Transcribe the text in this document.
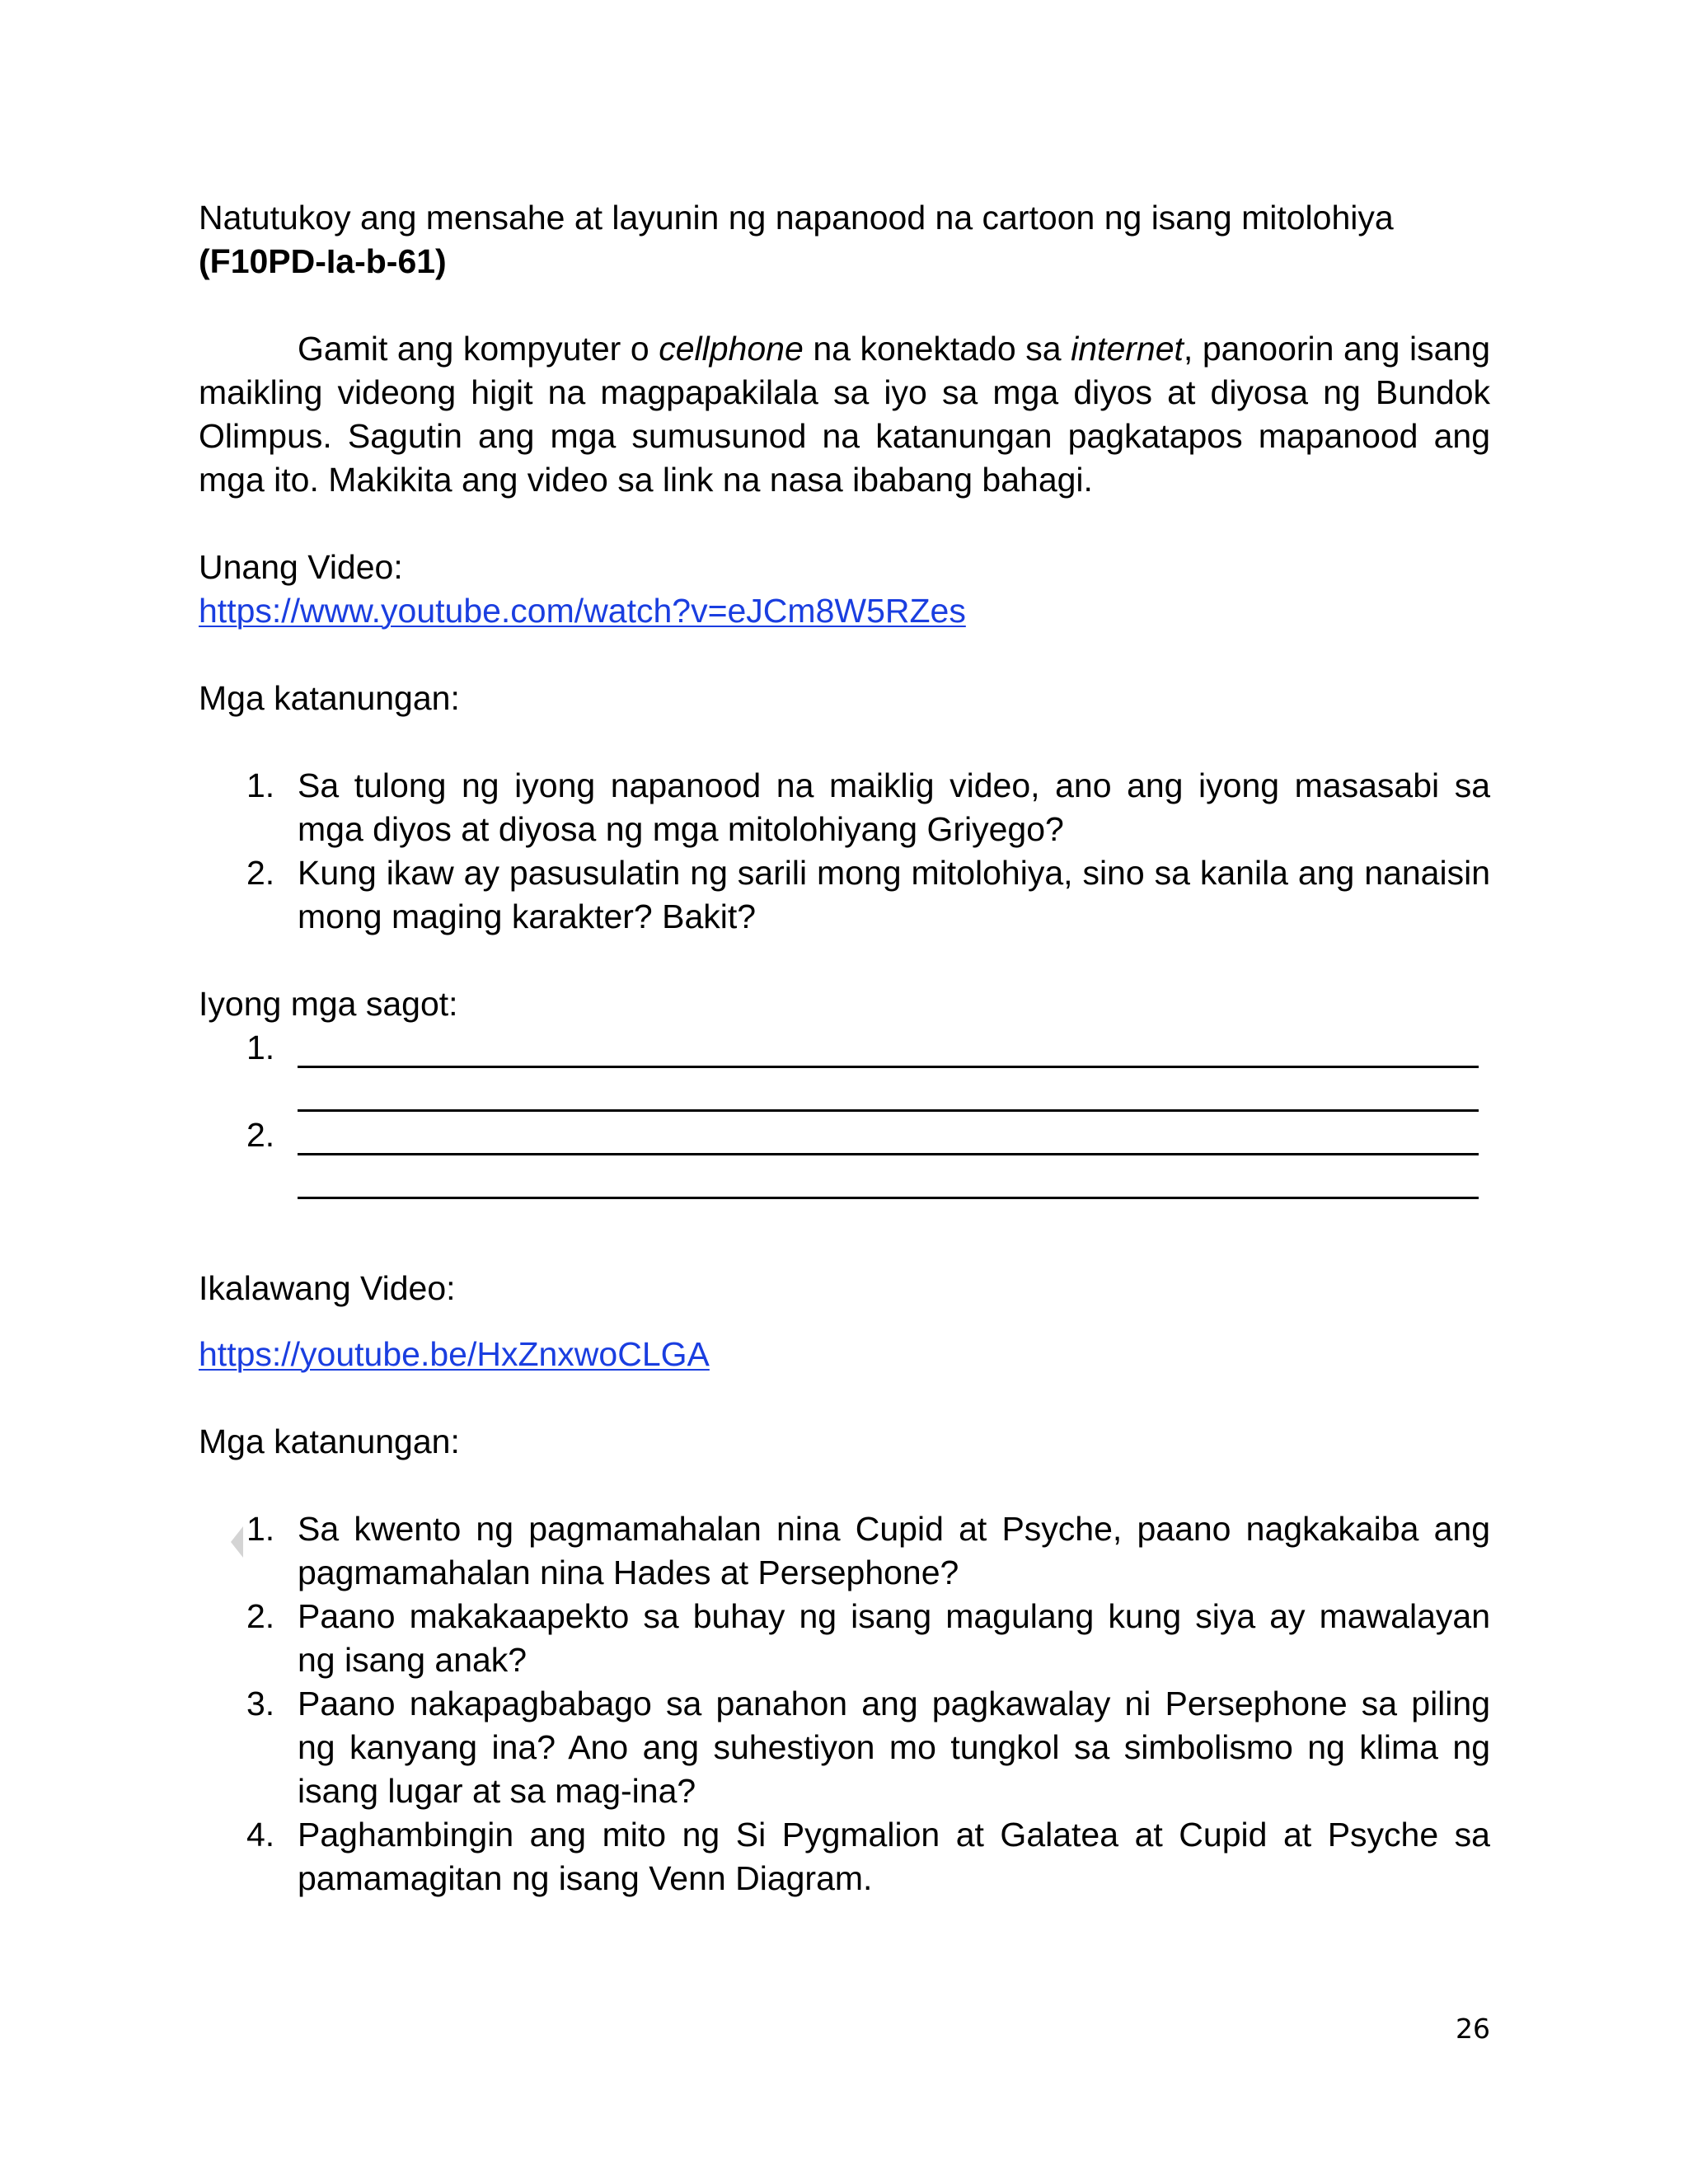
Natutukoy ang mensahe at layunin ng napanood na cartoon ng isang mitolohiya (F10PD-Ia-b-61)

Gamit ang kompyuter o cellphone na konektado sa internet, panoorin ang isang maikling videong higit na magpapakilala sa iyo sa mga diyos at diyosa ng Bundok Olimpus. Sagutin ang mga sumusunod na katanungan pagkatapos mapanood ang mga ito. Makikita ang video sa link na nasa ibabang bahagi.

Unang Video:

https://www.youtube.com/watch?v=eJCm8W5RZes

Mga katanungan:

1. Sa tulong ng iyong napanood na maiklig video, ano ang iyong masasabi sa mga diyos at diyosa ng mga mitolohiyang Griyego?
2. Kung ikaw ay pasusulatin ng sarili mong mitolohiya, sino sa kanila ang nanaisin mong maging karakter? Bakit?

Iyong mga sagot:

1.
2.

Ikalawang Video:

https://youtube.be/HxZnxwoCLGA

Mga katanungan:

1. Sa kwento ng pagmamahalan nina Cupid at Psyche, paano nagkakaiba ang pagmamahalan nina Hades at Persephone?
2. Paano makakaapekto sa buhay ng isang magulang kung siya ay mawalayan ng isang anak?
3. Paano nakapagbabago sa panahon ang pagkawalay ni Persephone sa piling ng kanyang ina? Ano ang suhestiyon mo tungkol sa simbolismo ng klima ng isang lugar at sa mag-ina?
4. Paghambingin ang mito ng Si Pygmalion at Galatea at Cupid at Psyche sa pamamagitan ng isang Venn Diagram.
26
